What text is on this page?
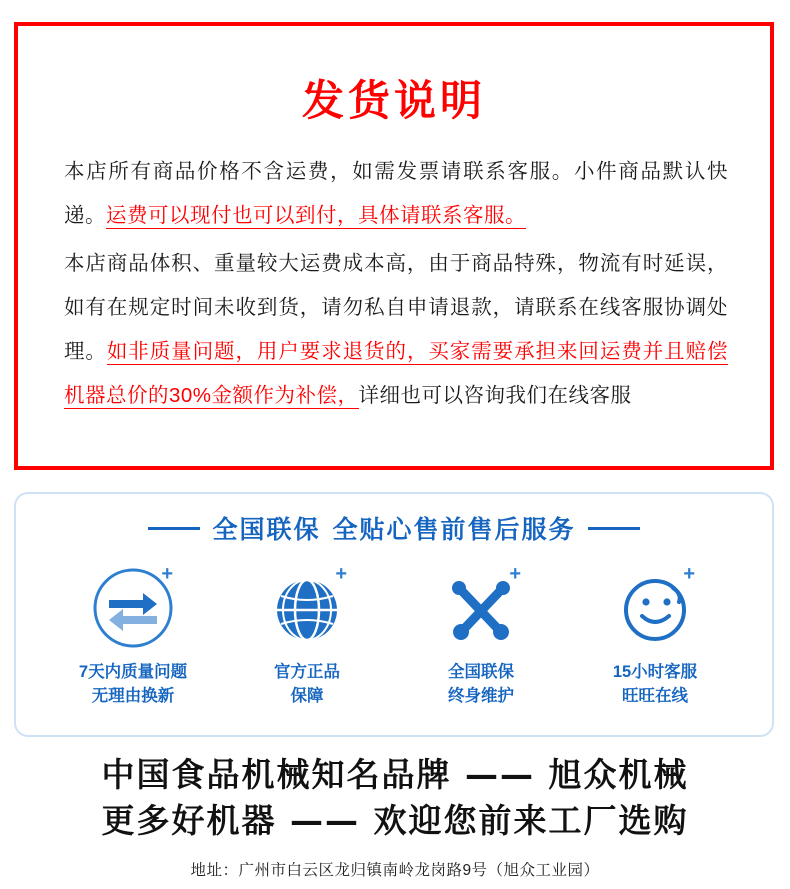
发货说明

本店所有商品价格不含运费，如需发票请联系客服。小件商品默认快递。运费可以现付也可以到付，具体请联系客服。

本店商品体积、重量较大运费成本高，由于商品特殊，物流有时延误，如有在规定时间未收到货，请勿私自申请退款，请联系在线客服协调处理。如非质量问题，用户要求退货的，买家需要承担来回运费并且赔偿机器总价的30%金额作为补偿，详细也可以咨询我们在线客服

全国联保 全贴心售前售后服务
+
7天内质量问题
无理由换新
+
官方正品
保障
+
全国联保
终身维护
+
15小时客服
旺旺在线
中国食品机械知名品牌 —— 旭众机械
更多好机器 —— 欢迎您前来工厂选购
地址：广州市白云区龙归镇南岭龙岗路9号（旭众工业园）
